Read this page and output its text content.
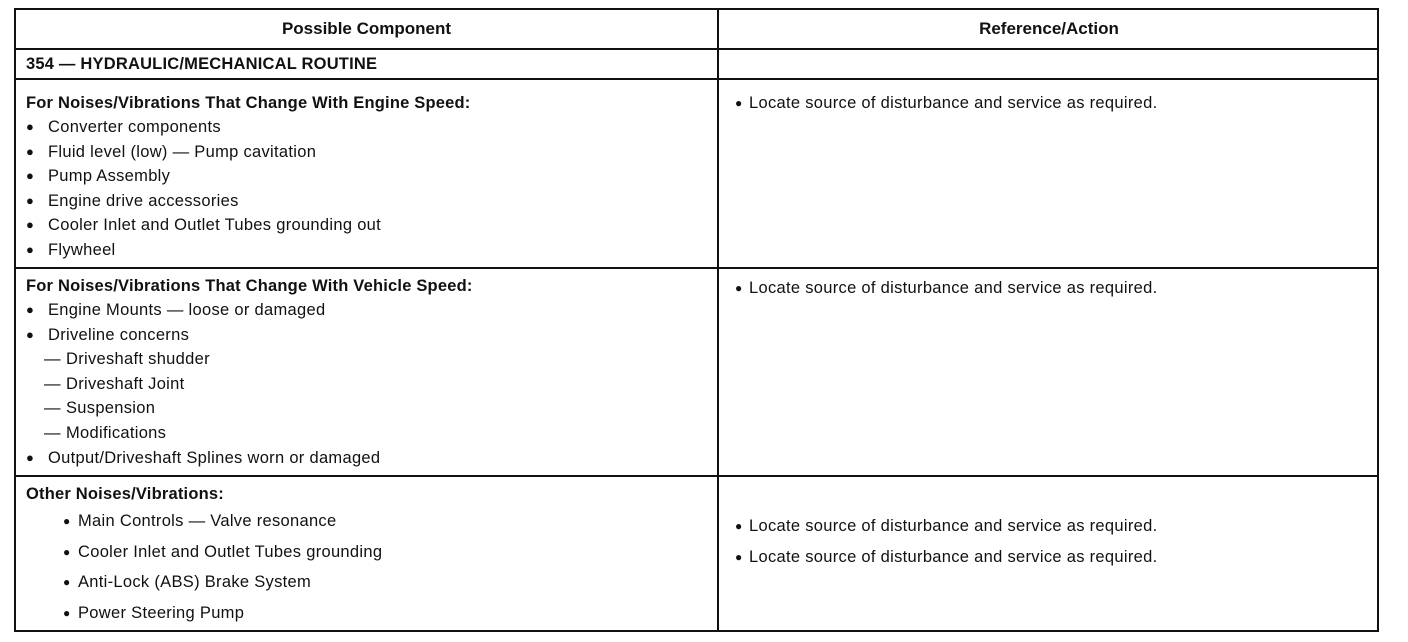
Possible Component	Reference/Action
354 — HYDRAULIC/MECHANICAL ROUTINE
For Noises/Vibrations That Change With Engine Speed:
● Converter components
● Fluid level (low) — Pump cavitation
● Pump Assembly
● Engine drive accessories
● Cooler Inlet and Outlet Tubes grounding out
● Flywheel
● Locate source of disturbance and service as required.
For Noises/Vibrations That Change With Vehicle Speed:
● Engine Mounts — loose or damaged
● Driveline concerns
— Driveshaft shudder
— Driveshaft Joint
— Suspension
— Modifications
● Output/Driveshaft Splines worn or damaged
● Locate source of disturbance and service as required.
Other Noises/Vibrations:
● Main Controls — Valve resonance
● Cooler Inlet and Outlet Tubes grounding
● Anti-Lock (ABS) Brake System
● Power Steering Pump
● Locate source of disturbance and service as required.
● Locate source of disturbance and service as required.
